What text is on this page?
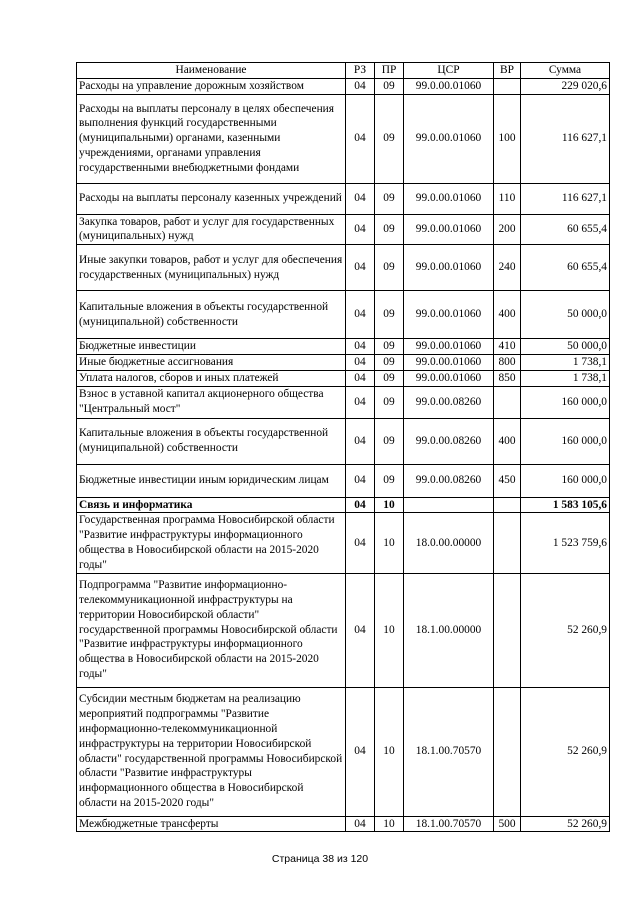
Наименование	РЗ	ПР	ЦСР	ВР	Сумма
Расходы на управление дорожным хозяйством	04	09	99.0.00.01060		229 020,6
Расходы на выплаты персоналу в целях обеспечения выполнения функций государственными (муниципальными) органами, казенными учреждениями, органами управления государственными внебюджетными фондами	04	09	99.0.00.01060	100	116 627,1
Расходы на выплаты персоналу казенных учреждений	04	09	99.0.00.01060	110	116 627,1
Закупка товаров, работ и услуг для государственных (муниципальных) нужд	04	09	99.0.00.01060	200	60 655,4
Иные закупки товаров, работ и услуг для обеспечения государственных (муниципальных) нужд	04	09	99.0.00.01060	240	60 655,4
Капитальные вложения в объекты государственной (муниципальной) собственности	04	09	99.0.00.01060	400	50 000,0
Бюджетные инвестиции	04	09	99.0.00.01060	410	50 000,0
Иные бюджетные ассигнования	04	09	99.0.00.01060	800	1 738,1
Уплата налогов, сборов и иных платежей	04	09	99.0.00.01060	850	1 738,1
Взнос в уставной капитал акционерного общества "Центральный мост"	04	09	99.0.00.08260		160 000,0
Капитальные вложения в объекты государственной (муниципальной) собственности	04	09	99.0.00.08260	400	160 000,0
Бюджетные инвестиции иным юридическим лицам	04	09	99.0.00.08260	450	160 000,0
Связь и информатика	04	10			1 583 105,6
Государственная программа Новосибирской области "Развитие инфраструктуры информационного общества в Новосибирской области на 2015-2020 годы"	04	10	18.0.00.00000		1 523 759,6
Подпрограмма "Развитие информационно-телекоммуникационной инфраструктуры на территории Новосибирской области" государственной программы Новосибирской области "Развитие инфраструктуры информационного общества в Новосибирской области на 2015-2020 годы"	04	10	18.1.00.00000		52 260,9
Субсидии местным бюджетам на реализацию мероприятий подпрограммы "Развитие информационно-телекоммуникационной инфраструктуры на территории Новосибирской области" государственной программы Новосибирской области "Развитие инфраструктуры информационного общества в Новосибирской области на 2015-2020 годы"	04	10	18.1.00.70570		52 260,9
Межбюджетные трансферты	04	10	18.1.00.70570	500	52 260,9
Страница 38 из 120
